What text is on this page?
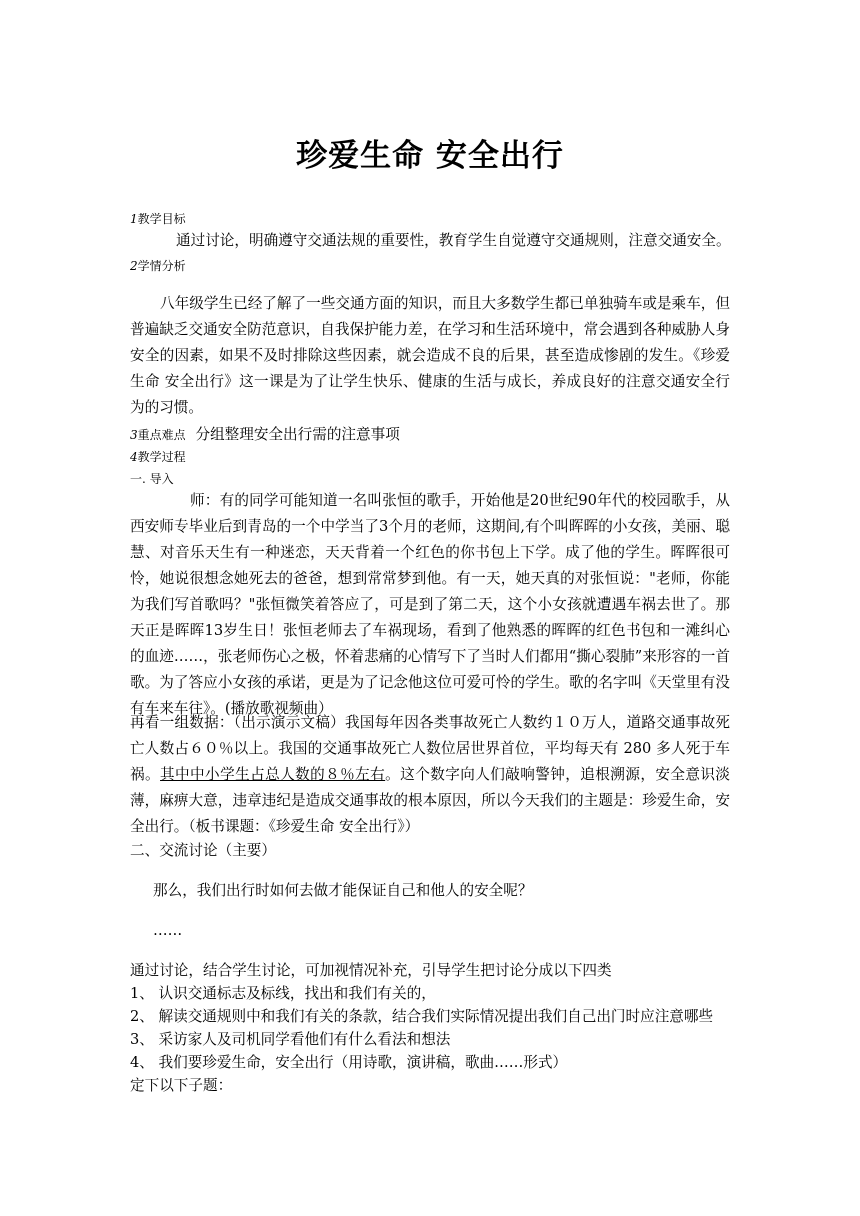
珍爱生命 安全出行
1教学目标
通过讨论，明确遵守交通法规的重要性，教育学生自觉遵守交通规则，注意交通安全。
2学情分析
八年级学生已经了解了一些交通方面的知识，而且大多数学生都已单独骑车或是乘车，但普遍缺乏交通安全防范意识，自我保护能力差，在学习和生活环境中，常会遇到各种威胁人身安全的因素，如果不及时排除这些因素，就会造成不良的后果，甚至造成惨剧的发生。《珍爱生命 安全出行》这一课是为了让学生快乐、健康的生活与成长，养成良好的注意交通安全行为的习惯。
3重点难点 分组整理安全出行需的注意事项
4教学过程
一. 导入
师：有的同学可能知道一名叫张恒的歌手，开始他是20世纪90年代的校园歌手，从西安师专毕业后到青岛的一个中学当了3个月的老师，这期间,有个叫晖晖的小女孩，美丽、聪慧、对音乐天生有一种迷恋，天天背着一个红色的你书包上下学。成了他的学生。晖晖很可怜，她说很想念她死去的爸爸，想到常常梦到他。有一天，她天真的对张恒说："老师，你能为我们写首歌吗？"张恒微笑着答应了，可是到了第二天，这个小女孩就遭遇车祸去世了。那天正是晖晖13岁生日！张恒老师去了车祸现场，看到了他熟悉的晖晖的红色书包和一滩纠心的血迹……，张老师伤心之极，怀着悲痛的心情写下了当时人们都用“撕心裂肺”来形容的一首歌。为了答应小女孩的承诺，更是为了记念他这位可爱可怜的学生。歌的名字叫《天堂里有没有车来车往》。(播放歌视频曲）
再看一组数据：（出示演示文稿）我国每年因各类事故死亡人数约１０万人，道路交通事故死亡人数占６０％以上。我国的交通事故死亡人数位居世界首位，平均每天有 280 多人死于车祸。其中中小学生占总人数的８％左右。这个数字向人们敲响警钟，追根溯源，安全意识淡薄，麻痹大意，违章违纪是造成交通事故的根本原因，所以今天我们的主题是：珍爱生命，安全出行。（板书课题：《珍爱生命 安全出行》）
二、交流讨论（主要）
那么，我们出行时如何去做才能保证自己和他人的安全呢？
……
通过讨论，结合学生讨论，可加视情况补充，引导学生把讨论分成以下四类
1、 认识交通标志及标线，找出和我们有关的，
2、 解读交通规则中和我们有关的条款，结合我们实际情况提出我们自己出门时应注意哪些
3、 采访家人及司机同学看他们有什么看法和想法
4、 我们要珍爱生命，安全出行（用诗歌，演讲稿，歌曲……形式）
定下以下子题：
